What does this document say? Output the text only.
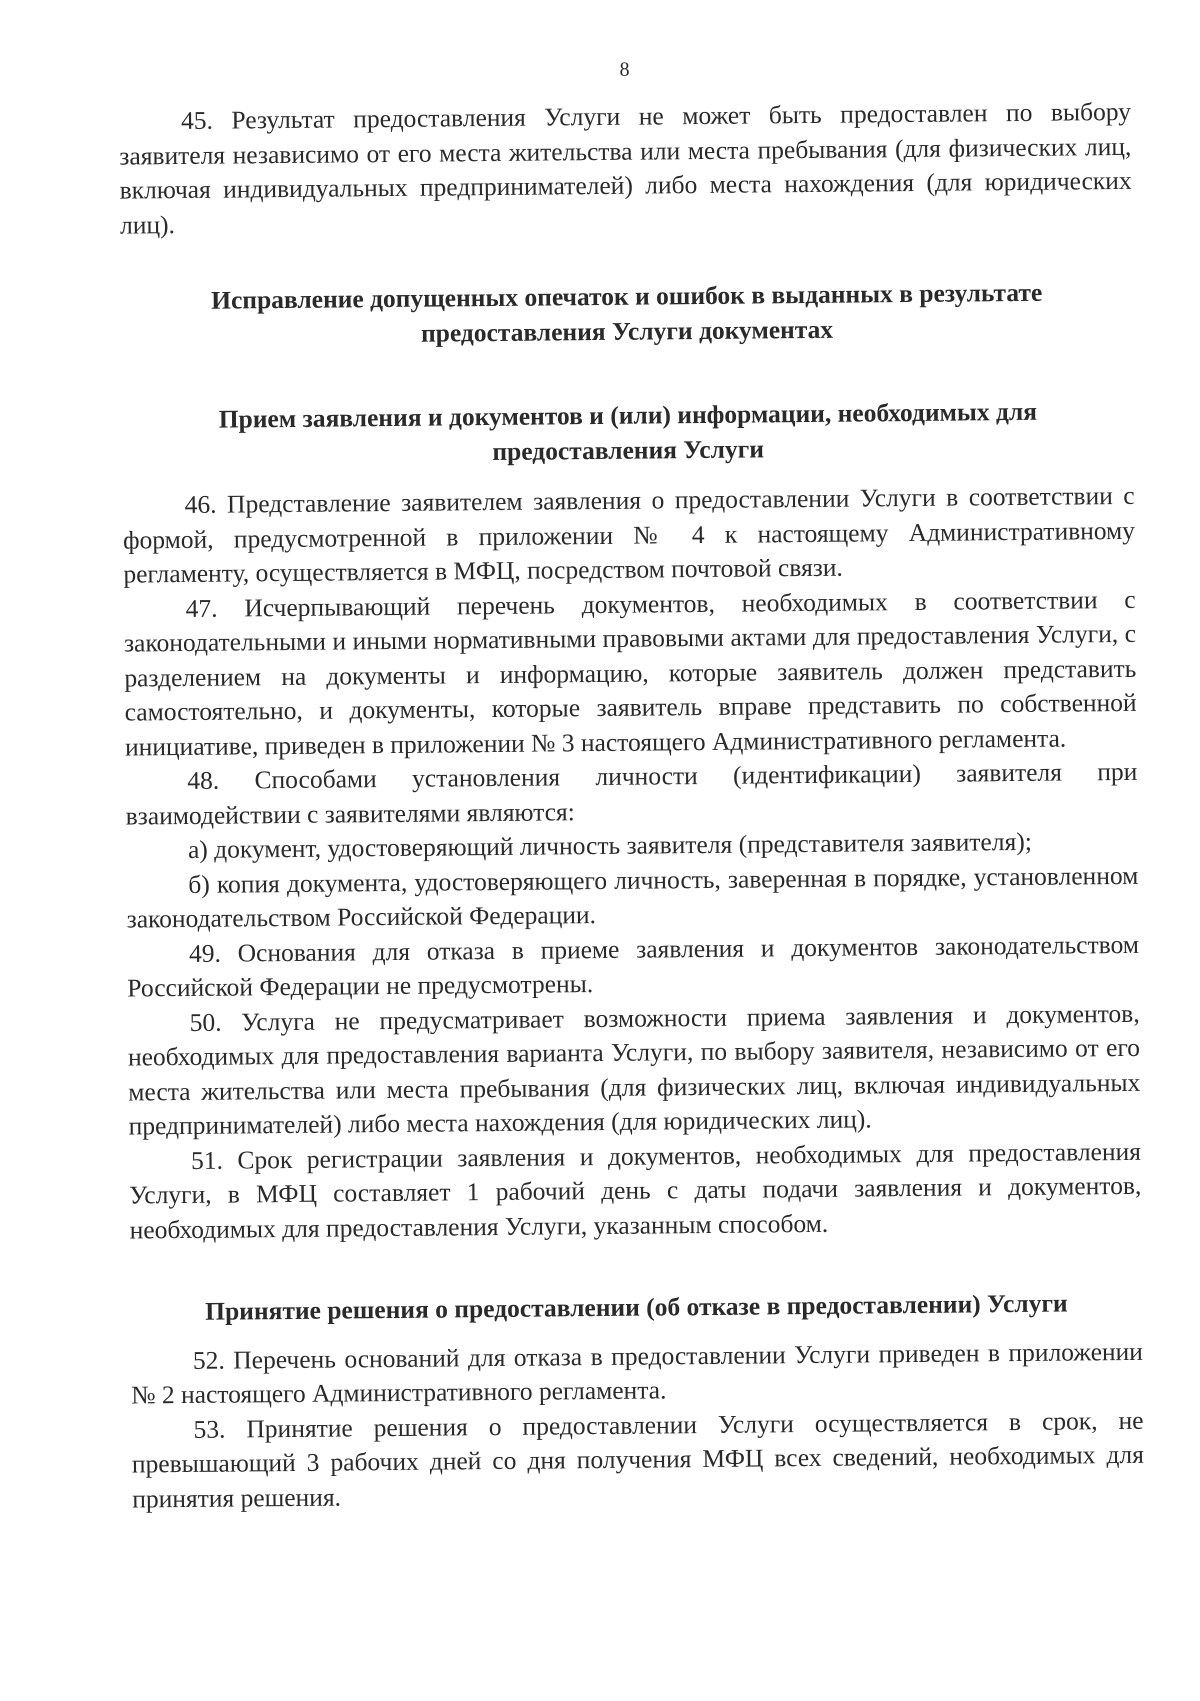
8

45. Результат предоставления Услуги не может быть предоставлен по выбору заявителя независимо от его места жительства или места пребывания (для физических лиц, включая индивидуальных предпринимателей) либо места нахождения (для юридических лиц).

Исправление допущенных опечаток и ошибок в выданных в результате предоставления Услуги документах
Прием заявления и документов и (или) информации, необходимых для предоставления Услуги

46. Представление заявителем заявления о предоставлении Услуги в соответствии с формой, предусмотренной в приложении № 4 к настоящему Административному регламенту, осуществляется в МФЦ, посредством почтовой связи.

47. Исчерпывающий перечень документов, необходимых в соответствии с законодательными и иными нормативными правовыми актами для предоставления Услуги, с разделением на документы и информацию, которые заявитель должен представить самостоятельно, и документы, которые заявитель вправе представить по собственной инициативе, приведен в приложении № 3 настоящего Административного регламента.

48. Способами установления личности (идентификации) заявителя при взаимодействии с заявителями являются:

а) документ, удостоверяющий личность заявителя (представителя заявителя);

б) копия документа, удостоверяющего личность, заверенная в порядке, установленном законодательством Российской Федерации.

49. Основания для отказа в приеме заявления и документов законодательством Российской Федерации не предусмотрены.

50. Услуга не предусматривает возможности приема заявления и документов, необходимых для предоставления варианта Услуги, по выбору заявителя, независимо от его места жительства или места пребывания (для физических лиц, включая индивидуальных предпринимателей) либо места нахождения (для юридических лиц).

51. Срок регистрации заявления и документов, необходимых для предоставления Услуги, в МФЦ составляет 1 рабочий день с даты подачи заявления и документов, необходимых для предоставления Услуги, указанным способом.

Принятие решения о предоставлении (об отказе в предоставлении) Услуги

52. Перечень оснований для отказа в предоставлении Услуги приведен в приложении № 2 настоящего Административного регламента.

53. Принятие решения о предоставлении Услуги осуществляется в срок, не превышающий 3 рабочих дней со дня получения МФЦ всех сведений, необходимых для принятия решения.
